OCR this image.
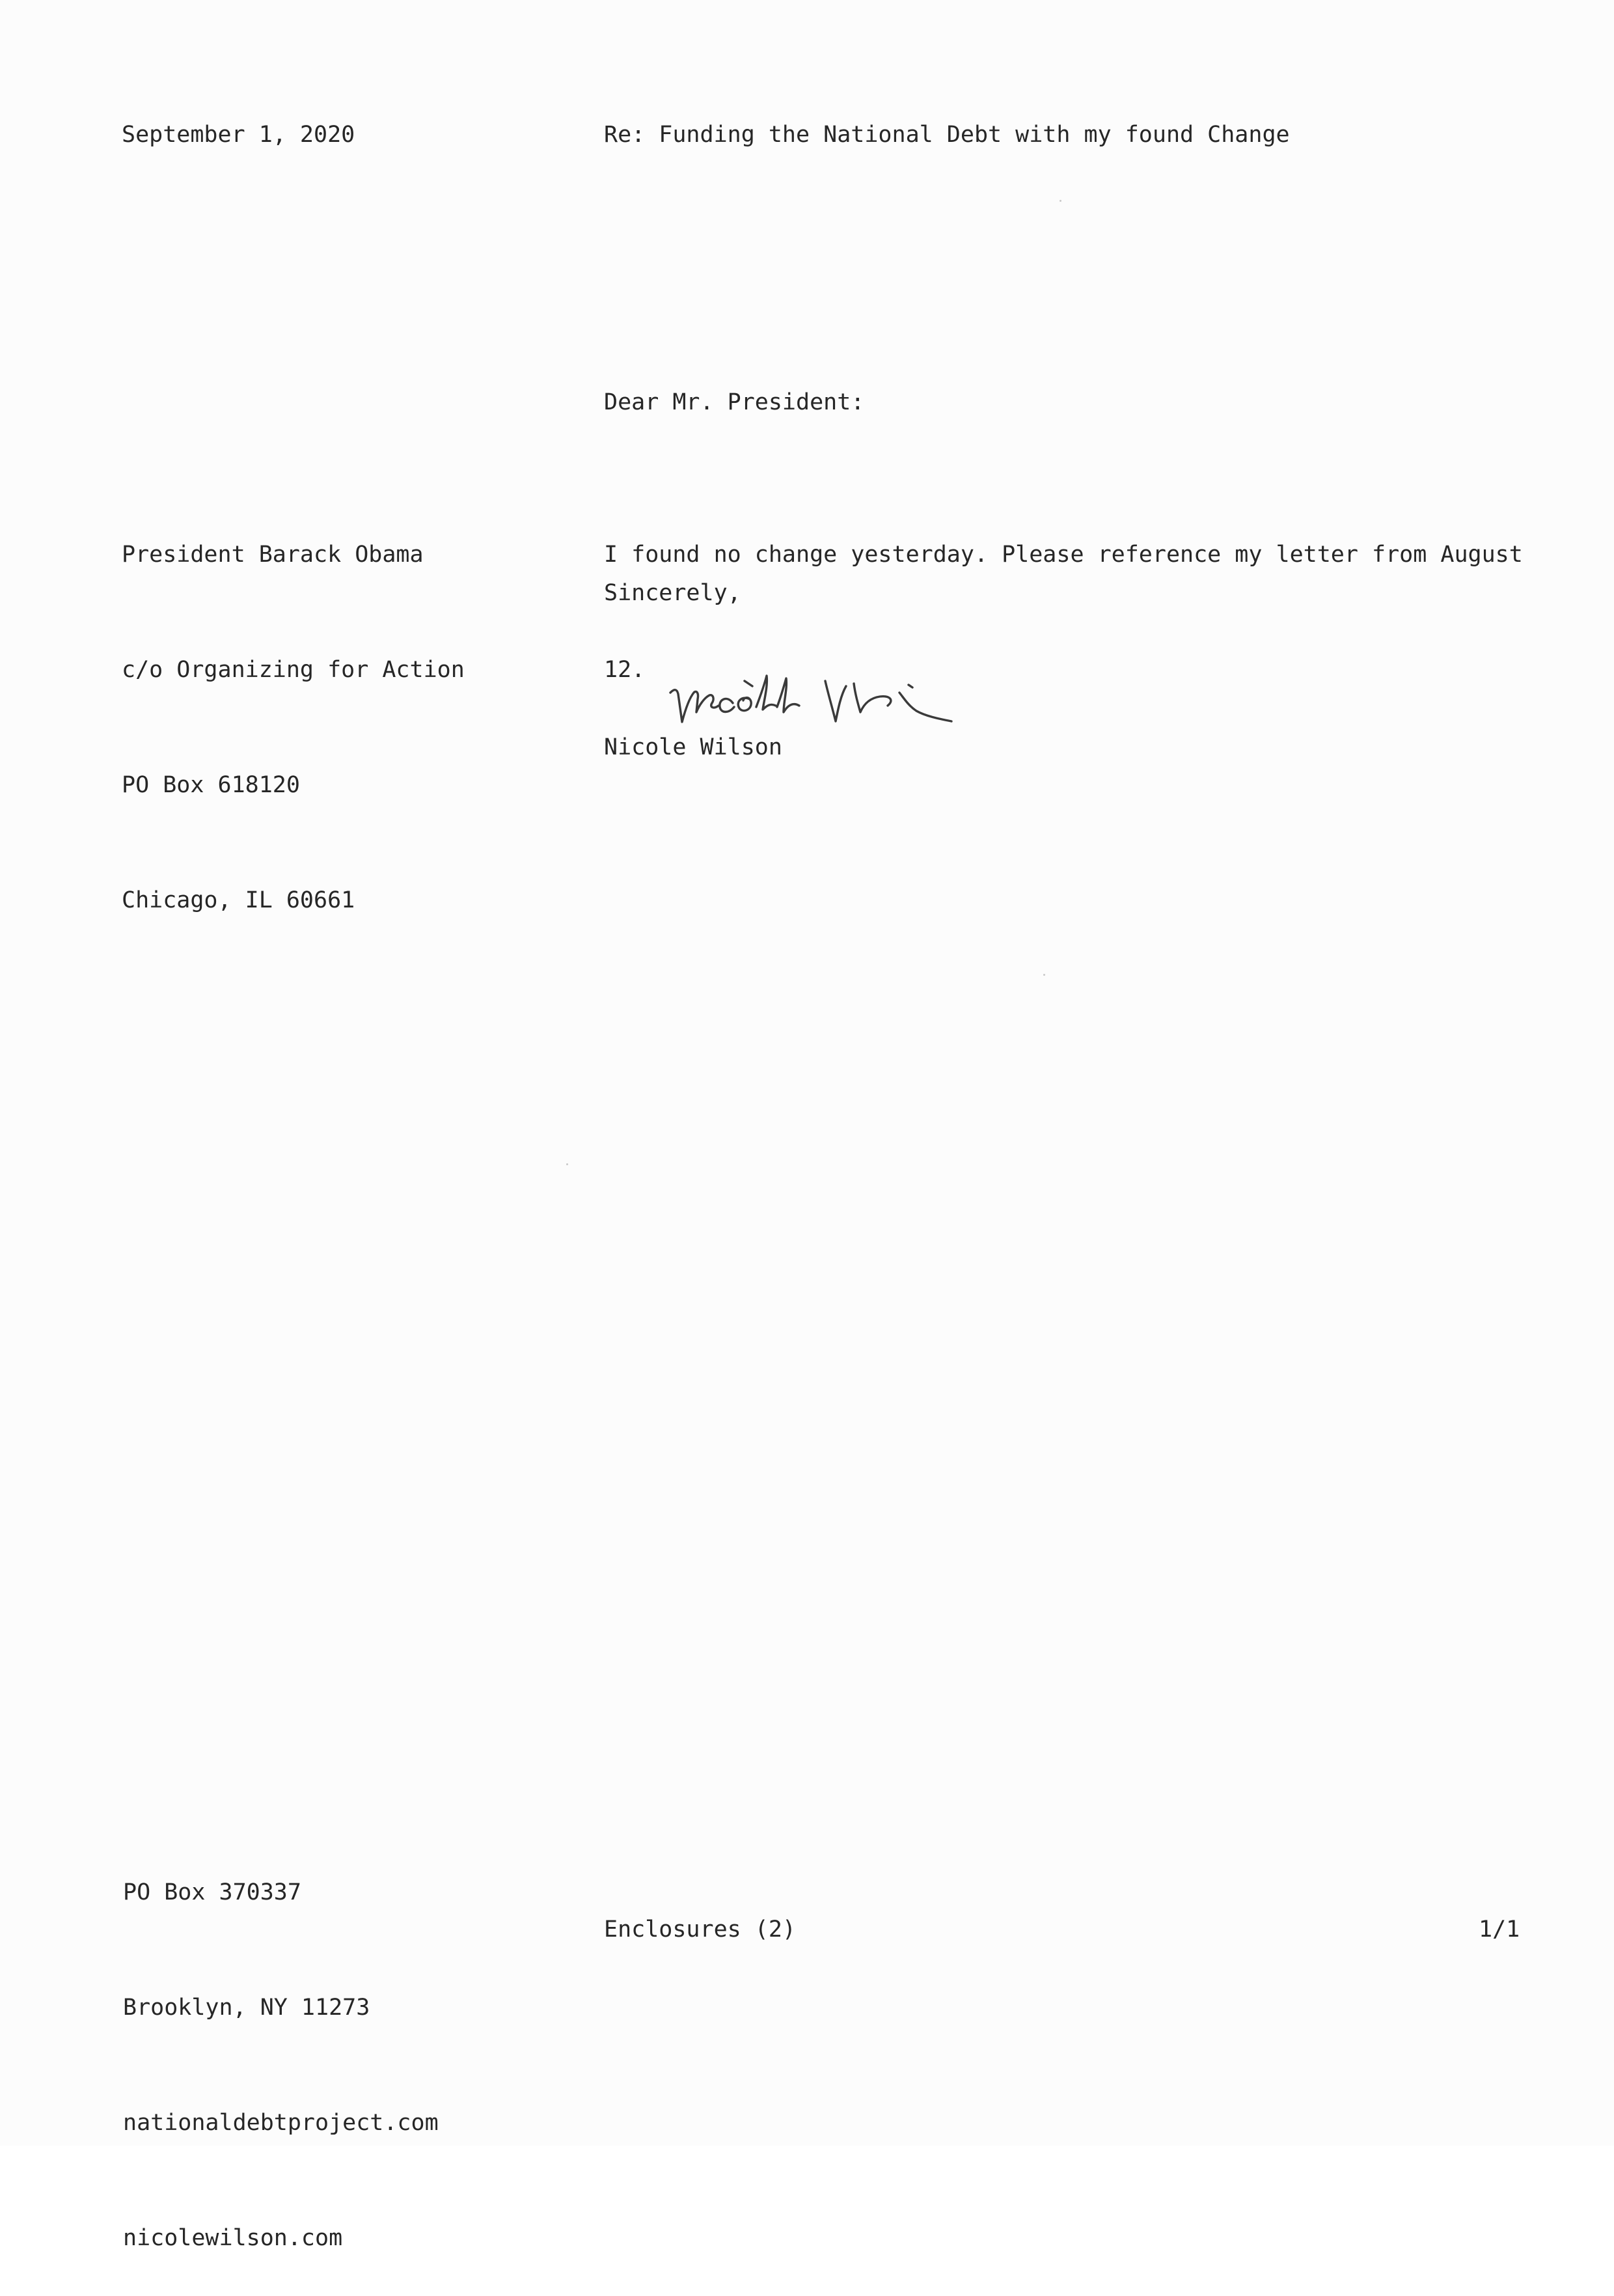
September 1, 2020	Re: Funding the National Debt with my found Change
Dear Mr. President:

President Barack Obama

c/o Organizing for Action

PO Box 618120

Chicago, IL 60661

I found no change yesterday. Please reference my letter from August

12.

Sincerely,

Nicole Wilson

PO Box 370337

Brooklyn, NY 11273

nationaldebtproject.com

nicolewilson.com

Enclosures (2)	1/1
